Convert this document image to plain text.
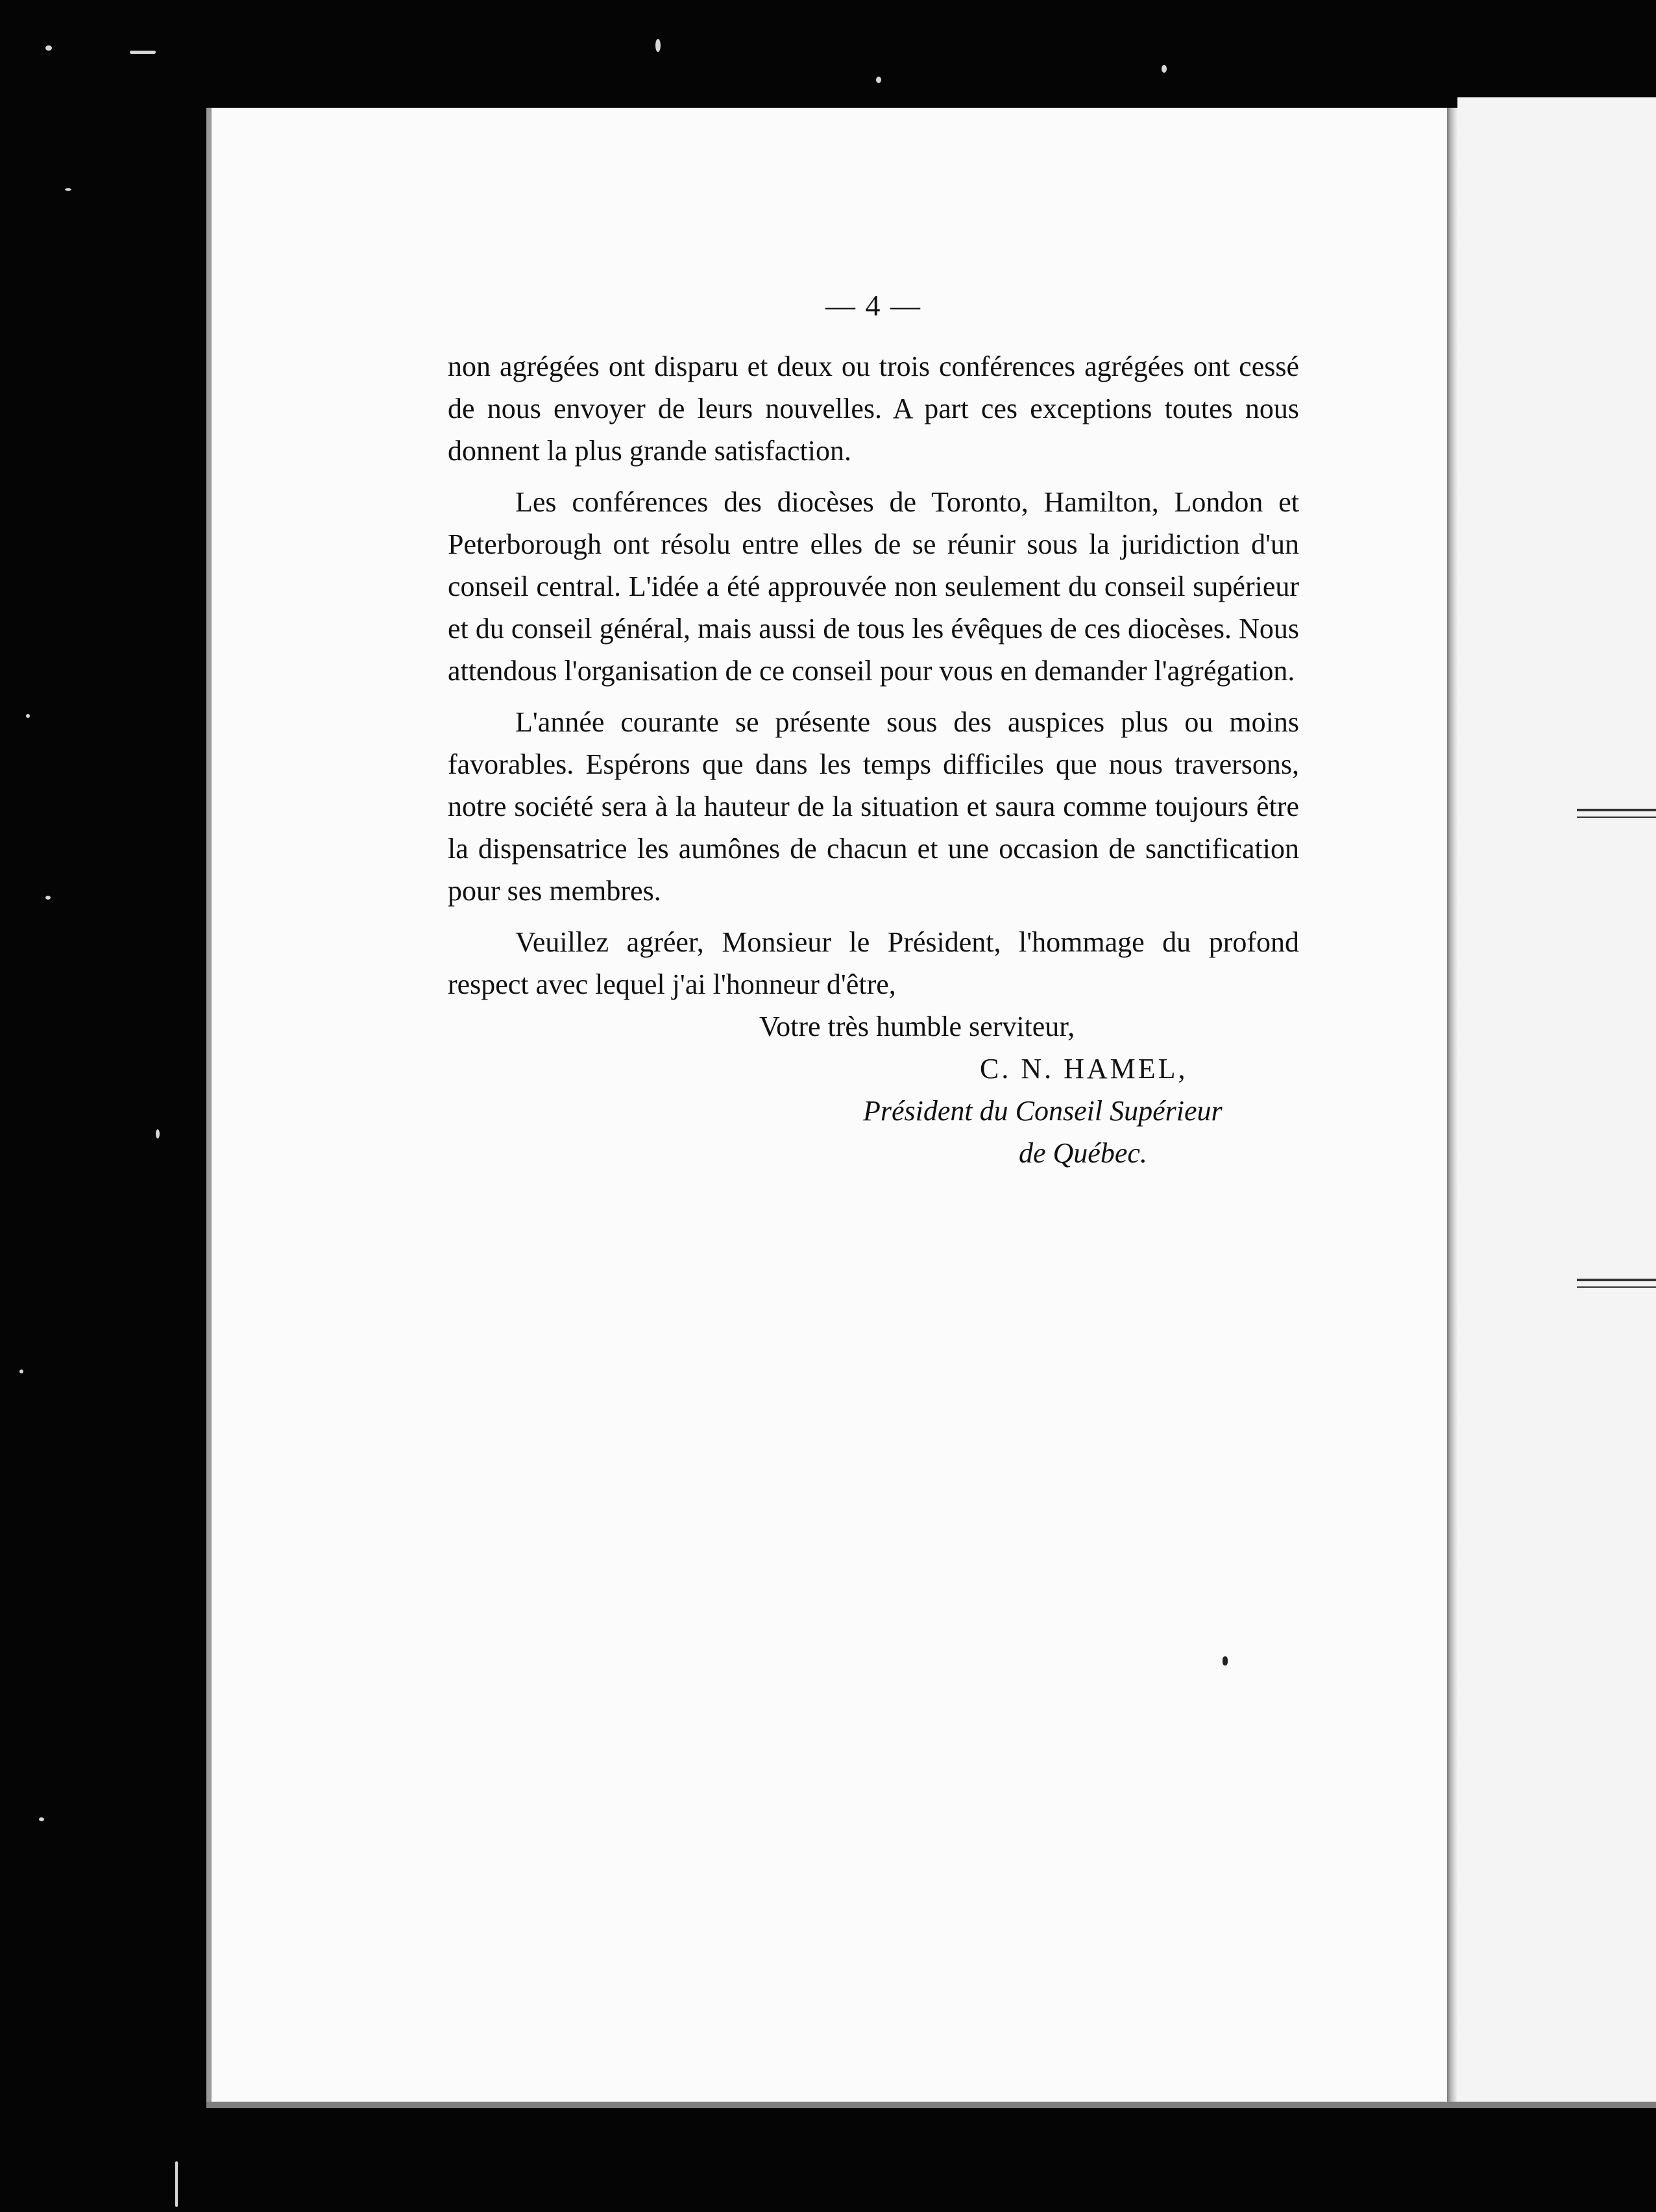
— 4 —

non agrégées ont disparu et deux ou trois conférences agrégées ont cessé de nous envoyer de leurs nouvelles. A part ces exceptions toutes nous donnent la plus grande satisfaction.

Les conférences des diocèses de Toronto, Hamilton, London et Peterborough ont résolu entre elles de se réunir sous la juridiction d'un conseil central. L'idée a été approuvée non seulement du conseil supérieur et du conseil général, mais aussi de tous les évêques de ces diocèses. Nous attendous l'organisation de ce conseil pour vous en demander l'agrégation.

L'année courante se présente sous des auspices plus ou moins favorables. Espérons que dans les temps difficiles que nous traversons, notre société sera à la hauteur de la situation et saura comme toujours être la dispensatrice les aumônes de chacun et une occasion de sanctification pour ses membres.

Veuillez agréer, Monsieur le Président, l'hommage du profond respect avec lequel j'ai l'honneur d'être,

Votre très humble serviteur,

C. N. HAMEL,

Président du Conseil Supérieur

de Québec.
